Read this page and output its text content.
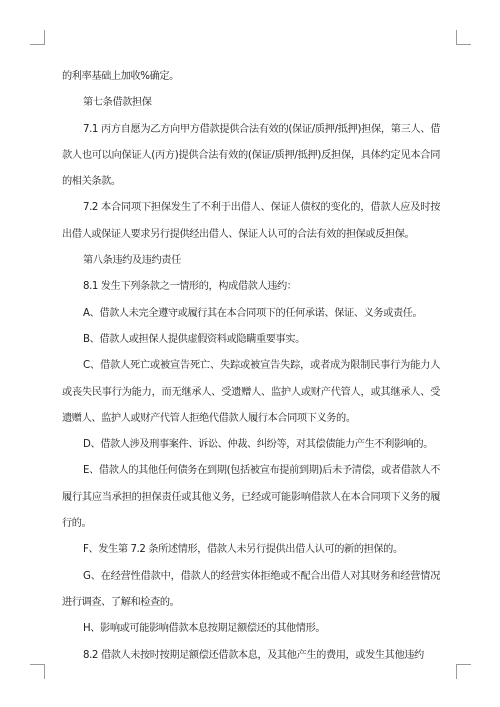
的利率基础上加收%确定。

第七条借款担保

7.1 丙方自愿为乙方向甲方借款提供合法有效的(保证/质押/抵押)担保，第三人、借款人也可以向保证人(丙方)提供合法有效的(保证/质押/抵押)反担保，具体约定见本合同的相关条款。

7.2 本合同项下担保发生了不利于出借人、保证人债权的变化的，借款人应及时按出借人或保证人要求另行提供经出借人、保证人认可的合法有效的担保或反担保。

第八条违约及违约责任

8.1 发生下列条款之一情形的，构成借款人违约：

A、借款人未完全遵守或履行其在本合同项下的任何承诺、保证、义务或责任。

B、借款人或担保人提供虚假资料或隐瞒重要事实。

C、借款人死亡或被宣告死亡、失踪或被宣告失踪，或者成为限制民事行为能力人或丧失民事行为能力，而无继承人、受遗赠人、监护人或财产代管人，或其继承人、受遗赠人、监护人或财产代管人拒绝代借款人履行本合同项下义务的。

D、借款人涉及刑事案件、诉讼、仲裁、纠纷等，对其偿债能力产生不利影响的。

E、借款人的其他任何债务在到期(包括被宣布提前到期)后未予清偿，或者借款人不履行其应当承担的担保责任或其他义务，已经或可能影响借款人在本合同项下义务的履行的。

F、发生第 7.2 条所述情形，借款人未另行提供出借人认可的新的担保的。

G、在经营性借款中，借款人的经营实体拒绝或不配合出借人对其财务和经营情况进行调查、了解和检查的。

H、影响或可能影响借款本息按期足额偿还的其他情形。

8.2 借款人未按时按期足额偿还借款本息，及其他产生的费用，或发生其他违约
